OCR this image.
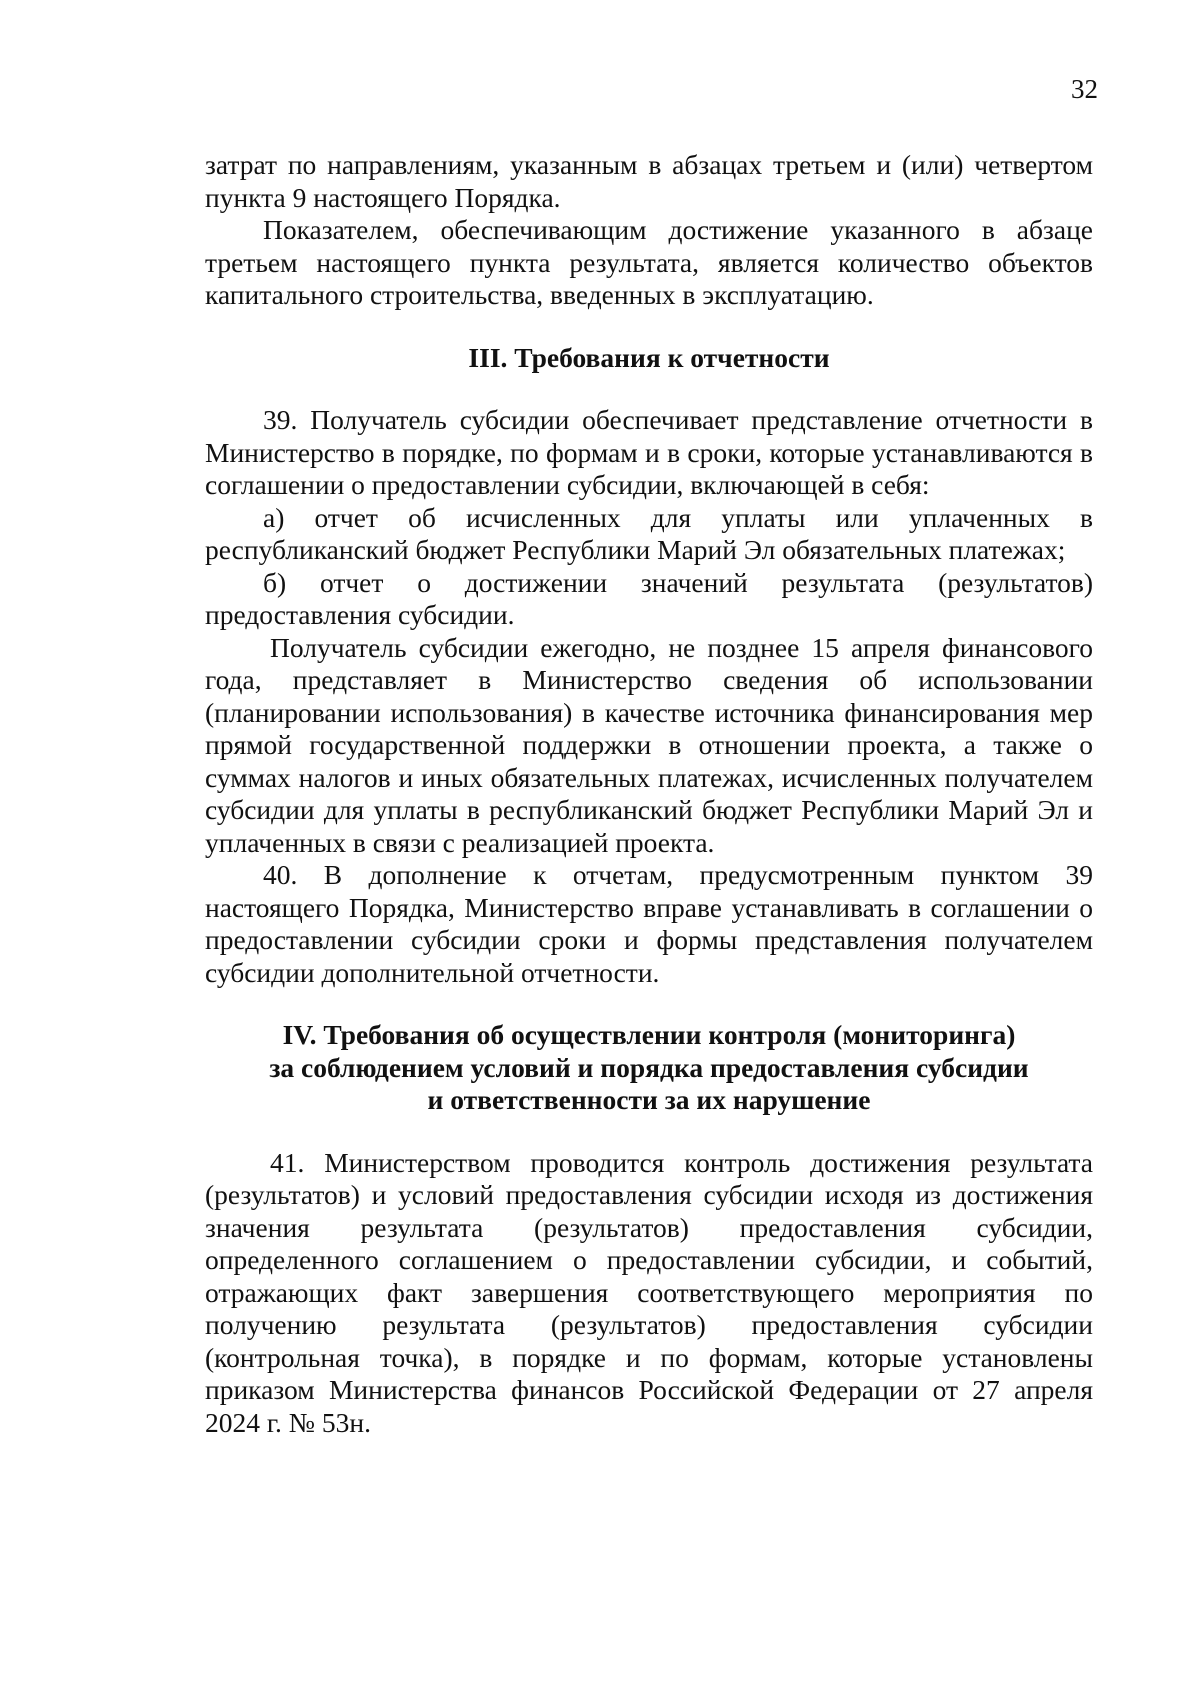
32

затрат по направлениям, указанным в абзацах третьем и (или) четвертом пункта 9 настоящего Порядка.

Показателем, обеспечивающим достижение указанного в абзаце третьем настоящего пункта результата, является количество объектов капитального строительства, введенных в эксплуатацию.

III. Требования к отчетности

39. Получатель субсидии обеспечивает представление отчетности в Министерство в порядке, по формам и в сроки, которые устанавливаются в соглашении о предоставлении субсидии, включающей в себя:

а) отчет об исчисленных для уплаты или уплаченных в республиканский бюджет Республики Марий Эл обязательных платежах;

б) отчет о достижении значений результата (результатов) предоставления субсидии.

Получатель субсидии ежегодно, не позднее 15 апреля финансового года, представляет в Министерство сведения об использовании (планировании использования) в качестве источника финансирования мер прямой государственной поддержки в отношении проекта, а также о суммах налогов и иных обязательных платежах, исчисленных получателем субсидии для уплаты в республиканский бюджет Республики Марий Эл и уплаченных в связи с реализацией проекта.

40. В дополнение к отчетам, предусмотренным пунктом 39 настоящего Порядка, Министерство вправе устанавливать в соглашении о предоставлении субсидии сроки и формы представления получателем субсидии дополнительной отчетности.

IV. Требования об осуществлении контроля (мониторинга)
за соблюдением условий и порядка предоставления субсидии
и ответственности за их нарушение

41. Министерством проводится контроль достижения результата (результатов) и условий предоставления субсидии исходя из достижения значения результата (результатов) предоставления субсидии, определенного соглашением о предоставлении субсидии, и событий, отражающих факт завершения соответствующего мероприятия по получению результата (результатов) предоставления субсидии (контрольная точка), в порядке и по формам, которые установлены приказом Министерства финансов Российской Федерации от 27 апреля 2024 г. № 53н.
